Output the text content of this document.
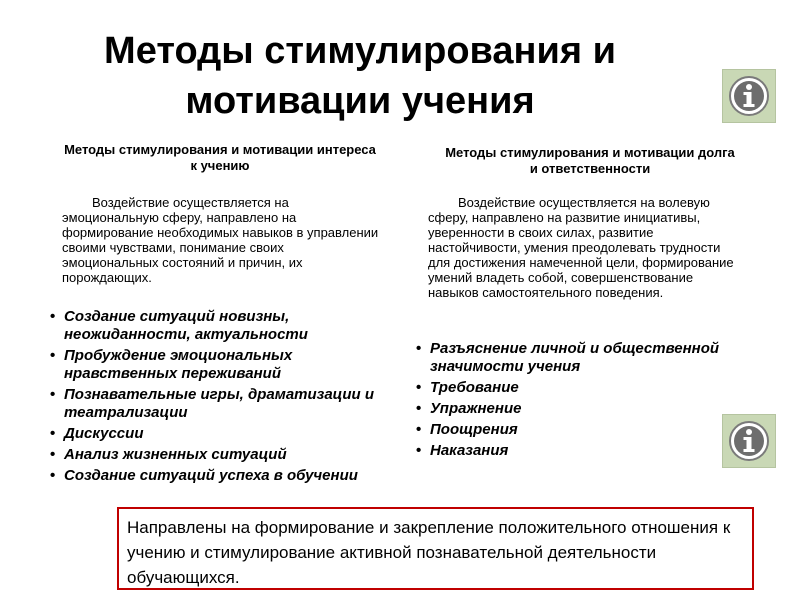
Методы стимулирования и мотивации учения
Методы стимулирования и мотивации интереса к учению

Воздействие осуществляется на эмоциональную сферу, направлено на формирование необходимых навыков в управлении своими чувствами, понимание своих эмоциональных состояний и причин, их порождающих.

• Создание ситуаций новизны, неожиданности, актуальности
• Пробуждение эмоциональных нравственных переживаний
• Познавательные игры, драматизации и театрализации
• Дискуссии
• Анализ жизненных ситуаций
• Создание ситуаций успеха в обучении
Методы стимулирования и мотивации долга и ответственности

Воздействие осуществляется на волевую сферу, направлено на развитие инициативы, уверенности в своих силах, развитие настойчивости, умения преодолевать трудности для достижения намеченной цели, формирование умений владеть собой, совершенствование навыков самостоятельного поведения.

• Разъяснение личной и общественной значимости учения
• Требование
• Упражнение
• Поощрения
• Наказания
Направлены на формирование и закрепление положительного отношения к учению и стимулирование активной познавательной деятельности обучающихся.
